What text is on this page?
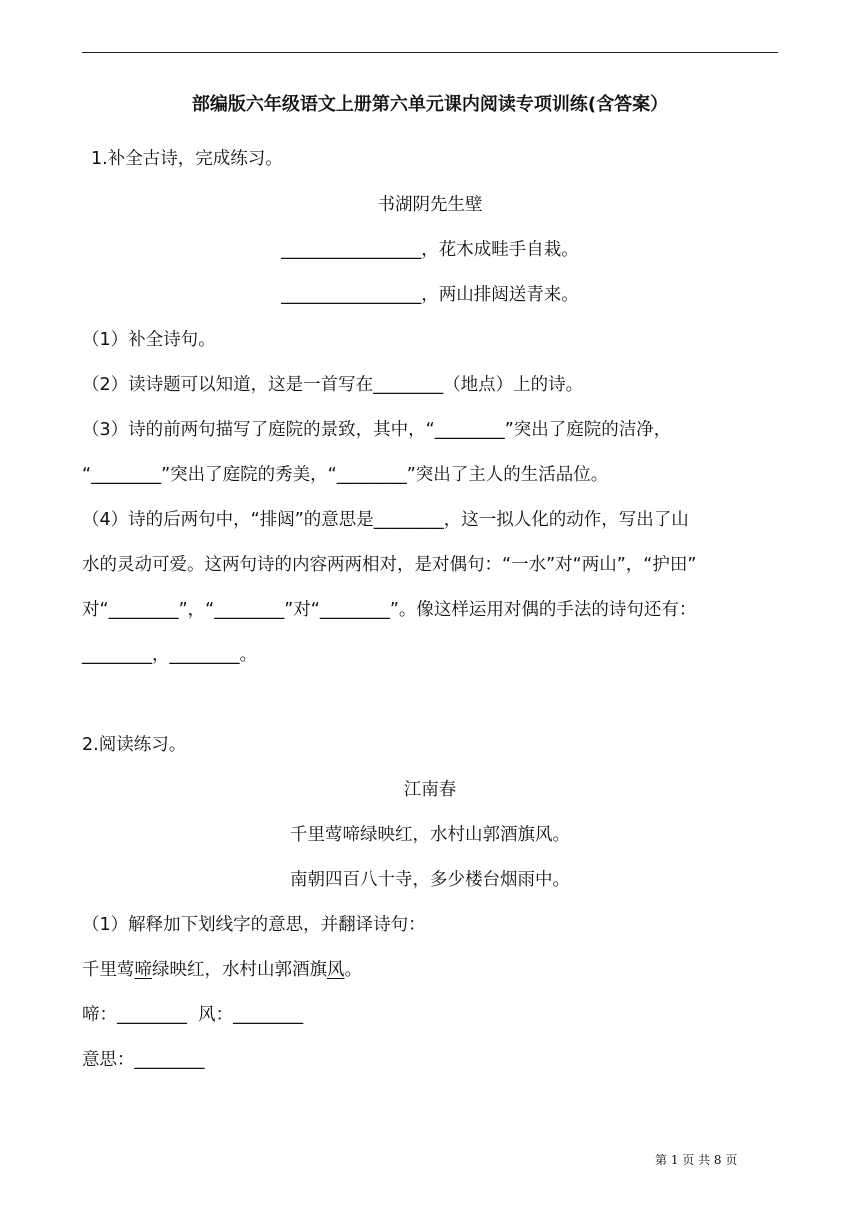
部编版六年级语文上册第六单元课内阅读专项训练(含答案）
1.补全古诗，完成练习。
书湖阴先生壁
________________，花木成畦手自栽。
________________，两山排闼送青来。
（1）补全诗句。
（2）读诗题可以知道，这是一首写在________（地点）上的诗。
（3）诗的前两句描写了庭院的景致，其中，“________”突出了庭院的洁净，
“________”突出了庭院的秀美，“________”突出了主人的生活品位。
（4）诗的后两句中，“排闼”的意思是________，这一拟人化的动作，写出了山
水的灵动可爱。这两句诗的内容两两相对，是对偶句：“一水”对“两山”，“护田”
对“________”，“________”对“________”。像这样运用对偶的手法的诗句还有：
________，________。
2.阅读练习。
江南春
千里莺啼绿映红，水村山郭酒旗风。
南朝四百八十寺，多少楼台烟雨中。
（1）解释加下划线字的意思，并翻译诗句：
千里莺啼绿映红，水村山郭酒旗风。
啼：________  风：________
意思：________
第 1 页 共 8 页
